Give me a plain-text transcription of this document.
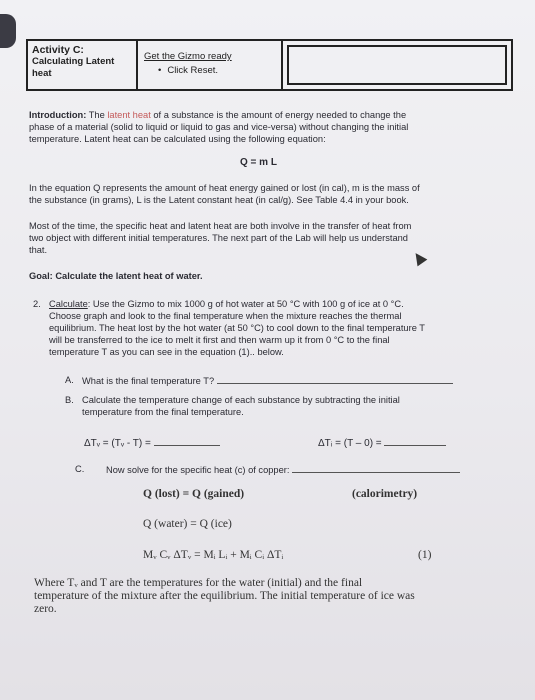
Activity C:
Calculating Latent
heat
Get the Gizmo ready
• Click Reset.
Introduction: The latent heat of a substance is the amount of energy needed to change the
phase of a material (solid to liquid or liquid to gas and vice-versa) without changing the initial
temperature. Latent heat can be calculated using the following equation:
Q = m L
In the equation Q represents the amount of heat energy gained or lost (in cal), m is the mass of
the substance (in grams), L is the Latent constant heat (in cal/g). See Table 4.4 in your book.
Most of the time, the specific heat and latent heat are both involve in the transfer of heat from
two object with different initial temperatures. The next part of the Lab will help us understand
that.
Goal: Calculate the latent heat of water.
2. Calculate: Use the Gizmo to mix 1000 g of hot water at 50 °C with 100 g of ice at 0 °C.
Choose graph and look to the final temperature when the mixture reaches the thermal
equilibrium. The heat lost by the hot water (at 50 °C) to cool down to the final temperature T
will be transferred to the ice to melt it first and then warm up it from 0 °C to the final
temperature T as you can see in the equation (1).. below.
A. What is the final temperature T?
B. Calculate the temperature change of each substance by subtracting the initial
temperature from the final temperature.
ΔTᵥ = (Tᵥ - T) =	ΔTᵢ = (T – 0) =
C. Now solve for the specific heat (c) of copper:
Q (lost) = Q (gained)	(calorimetry)
Q (water) = Q (ice)
Mᵥ Cᵥ ΔTᵥ = Mᵢ Lᵢ + Mᵢ Cᵢ ΔTᵢ	(1)
Where Tᵥ and T are the temperatures for the water (initial) and the final
temperature of the mixture after the equilibrium. The initial temperature of ice was
zero.
